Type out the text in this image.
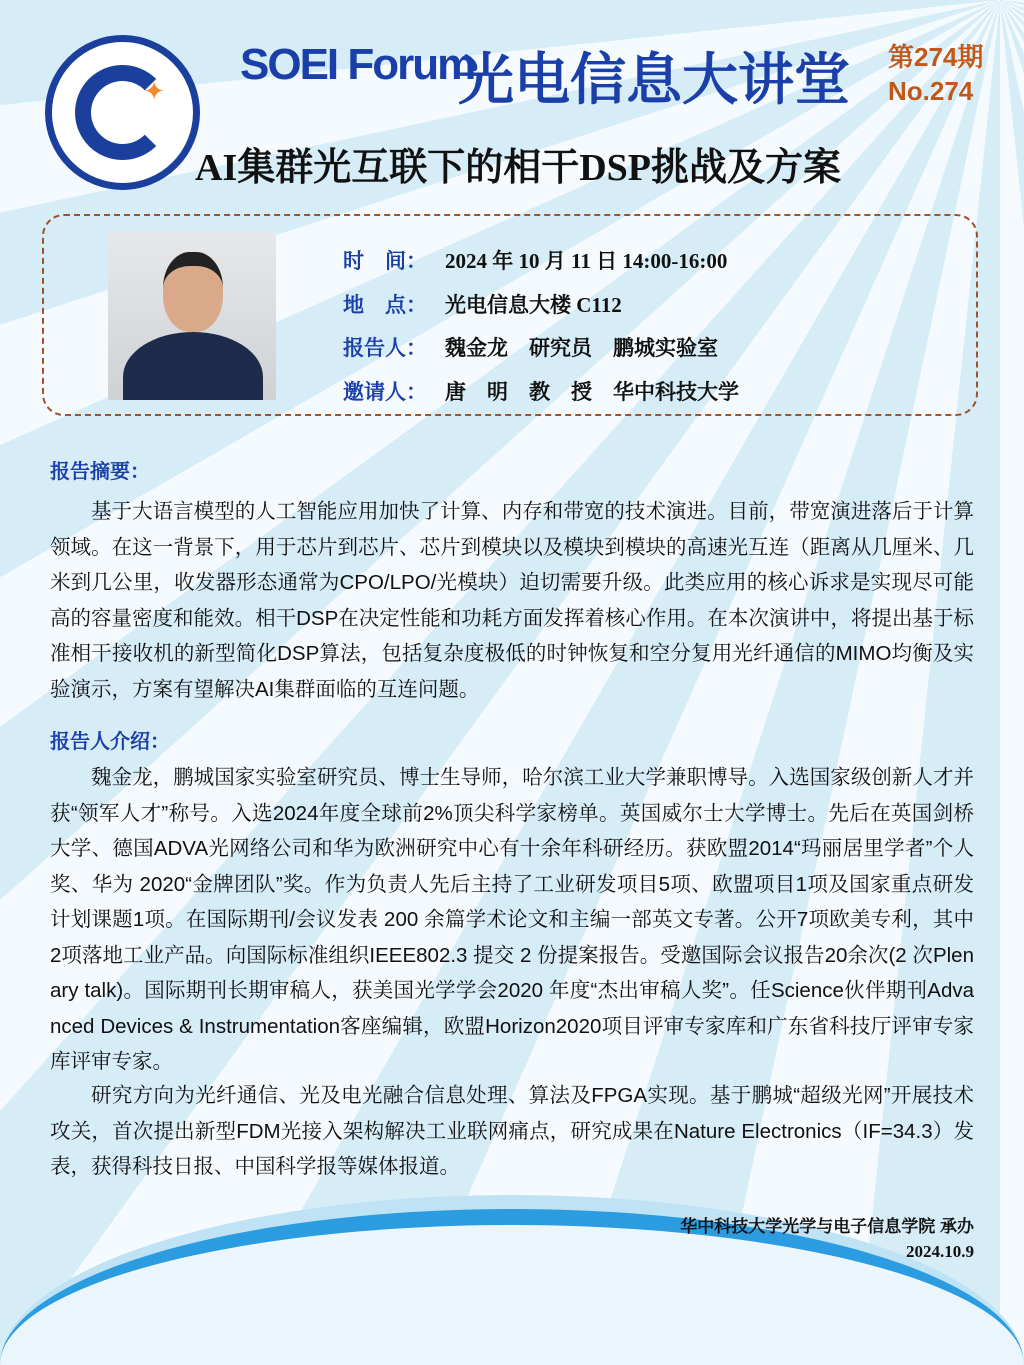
✦
SOEI Forum
光电信息大讲堂 第274期
No.274
AI集群光互联下的相干DSP挑战及方案
时　间： 2024 年 10 月 11 日 14:00-16:00
地　点： 光电信息大楼 C112
报告人： 魏金龙　研究员　鹏城实验室
邀请人： 唐　明　教　授　华中科技大学
报告摘要：
基于大语言模型的人工智能应用加快了计算、内存和带宽的技术演进。目前，带宽演进落后于计算领域。在这一背景下，用于芯片到芯片、芯片到模块以及模块到模块的高速光互连（距离从几厘米、几米到几公里，收发器形态通常为CPO/LPO/光模块）迫切需要升级。此类应用的核心诉求是实现尽可能高的容量密度和能效。相干DSP在决定性能和功耗方面发挥着核心作用。在本次演讲中，将提出基于标准相干接收机的新型简化DSP算法，包括复杂度极低的时钟恢复和空分复用光纤通信的MIMO均衡及实验演示，方案有望解决AI集群面临的互连问题。
报告人介绍：
魏金龙，鹏城国家实验室研究员、博士生导师，哈尔滨工业大学兼职博导。入选国家级创新人才并获“领军人才”称号。入选2024年度全球前2%顶尖科学家榜单。英国威尔士大学博士。先后在英国剑桥大学、德国ADVA光网络公司和华为欧洲研究中心有十余年科研经历。获欧盟2014“玛丽居里学者”个人奖、华为 2020“金牌团队”奖。作为负责人先后主持了工业研发项目5项、欧盟项目1项及国家重点研发计划课题1项。在国际期刊/会议发表 200 余篇学术论文和主编一部英文专著。公开7项欧美专利，其中2项落地工业产品。向国际标准组织IEEE802.3 提交 2 份提案报告。受邀国际会议报告20余次(2 次Plenary talk)。国际期刊长期审稿人，获美国光学学会2020 年度“杰出审稿人奖”。任Science伙伴期刊Advanced Devices & Instrumentation客座编辑，欧盟Horizon2020项目评审专家库和广东省科技厅评审专家库评审专家。
研究方向为光纤通信、光及电光融合信息处理、算法及FPGA实现。基于鹏城“超级光网”开展技术攻关，首次提出新型FDM光接入架构解决工业联网痛点，研究成果在Nature Electronics（IF=34.3）发表，获得科技日报、中国科学报等媒体报道。
华中科技大学光学与电子信息学院 承办
2024.10.9
